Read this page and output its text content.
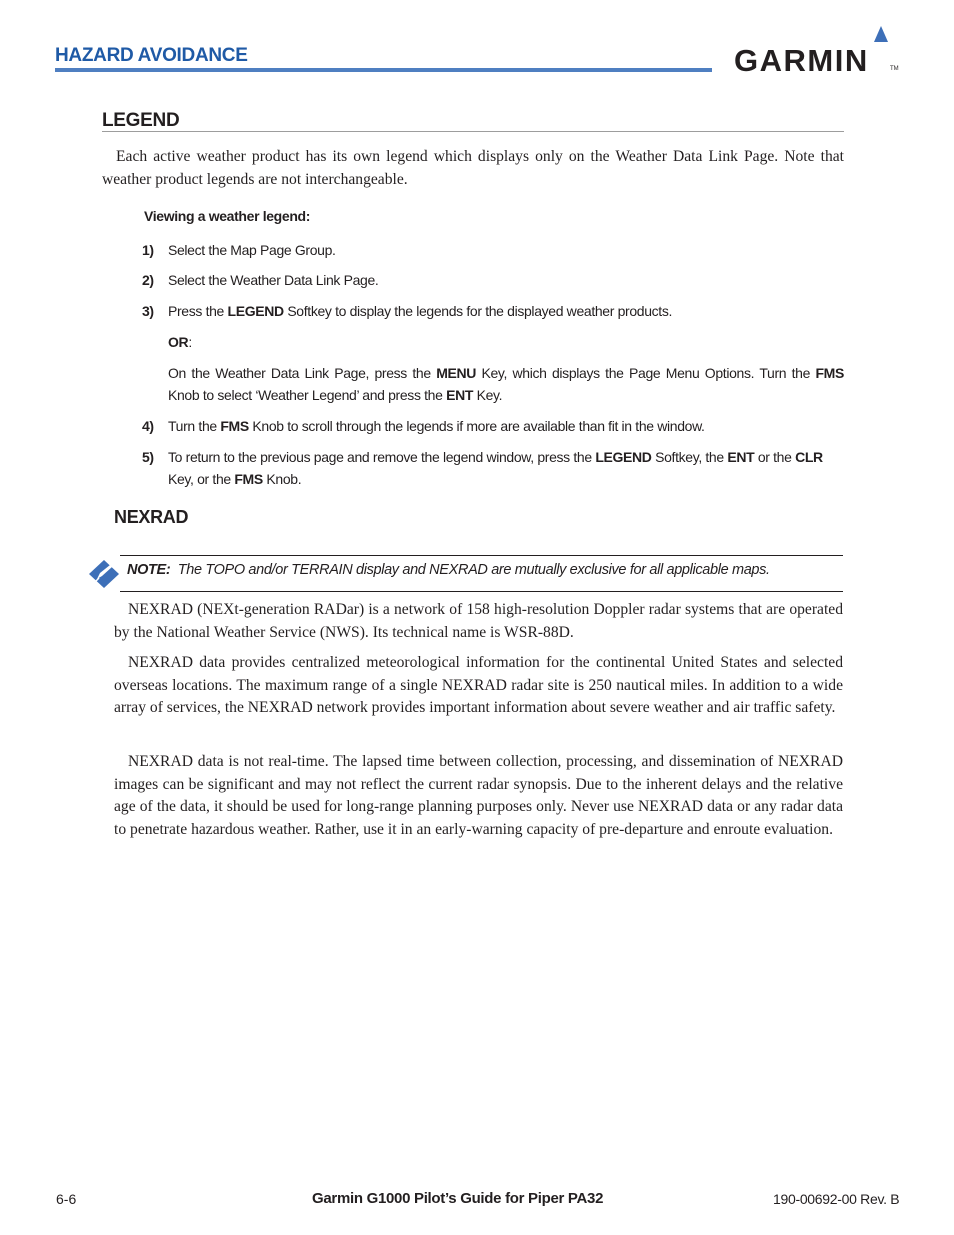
HAZARD AVOIDANCE	GARMIN	TM
LEGEND
Each active weather product has its own legend which displays only on the Weather Data Link Page. Note that weather product legends are not interchangeable.
Viewing a weather legend:
1) Select the Map Page Group.
2) Select the Weather Data Link Page.
3) Press the LEGEND Softkey to display the legends for the displayed weather products.
OR:
On the Weather Data Link Page, press the MENU Key, which displays the Page Menu Options. Turn the FMS Knob to select ‘Weather Legend’ and press the ENT Key.
4) Turn the FMS Knob to scroll through the legends if more are available than fit in the window.
5) To return to the previous page and remove the legend window, press the LEGEND Softkey, the ENT or the CLR Key, or the FMS Knob.
NEXRAD
NOTE: The TOPO and/or TERRAIN display and NEXRAD are mutually exclusive for all applicable maps.
NEXRAD (NEXt-generation RADar) is a network of 158 high-resolution Doppler radar systems that are operated by the National Weather Service (NWS). Its technical name is WSR-88D.
NEXRAD data provides centralized meteorological information for the continental United States and selected overseas locations. The maximum range of a single NEXRAD radar site is 250 nautical miles. In addition to a wide array of services, the NEXRAD network provides important information about severe weather and air traffic safety.
NEXRAD data is not real-time. The lapsed time between collection, processing, and dissemination of NEXRAD images can be significant and may not reflect the current radar synopsis. Due to the inherent delays and the relative age of the data, it should be used for long-range planning purposes only. Never use NEXRAD data or any radar data to penetrate hazardous weather. Rather, use it in an early-warning capacity of pre-departure and enroute evaluation.
6-6	Garmin G1000 Pilot’s Guide for Piper PA32	190-00692-00 Rev. B
